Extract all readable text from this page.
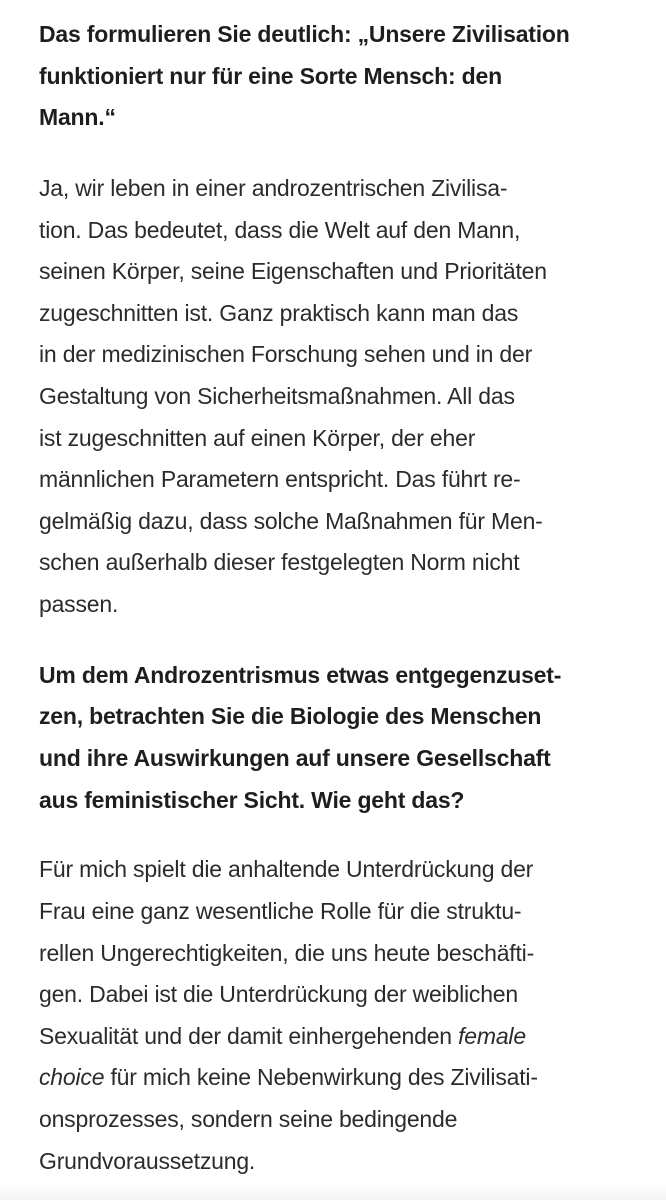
Das formulieren Sie deutlich: „Unsere Zivilisation
funktioniert nur für eine Sorte Mensch: den
Mann.“
Ja, wir leben in einer androzentrischen Zivilisa-
tion. Das bedeutet, dass die Welt auf den Mann,
seinen Körper, seine Eigenschaften und Prioritäten
zugeschnitten ist. Ganz praktisch kann man das
in der medizinischen Forschung sehen und in der
Gestaltung von Sicherheitsmaßnahmen. All das
ist zugeschnitten auf einen Körper, der eher
männlichen Parametern entspricht. Das führt re-
gelmäßig dazu, dass solche Maßnahmen für Men-
schen außerhalb dieser festgelegten Norm nicht
passen.
Um dem Androzentrismus etwas entgegenzuset-
zen, betrachten Sie die Biologie des Menschen
und ihre Auswirkungen auf unsere Gesellschaft
aus feministischer Sicht. Wie geht das?
Für mich spielt die anhaltende Unterdrückung der
Frau eine ganz wesentliche Rolle für die struktu-
rellen Ungerechtigkeiten, die uns heute beschäfti-
gen. Dabei ist die Unterdrückung der weiblichen
Sexualität und der damit einhergehenden female
choice für mich keine Nebenwirkung des Zivilisati-
onsprozesses, sondern seine bedingende
Grundvoraussetzung.
